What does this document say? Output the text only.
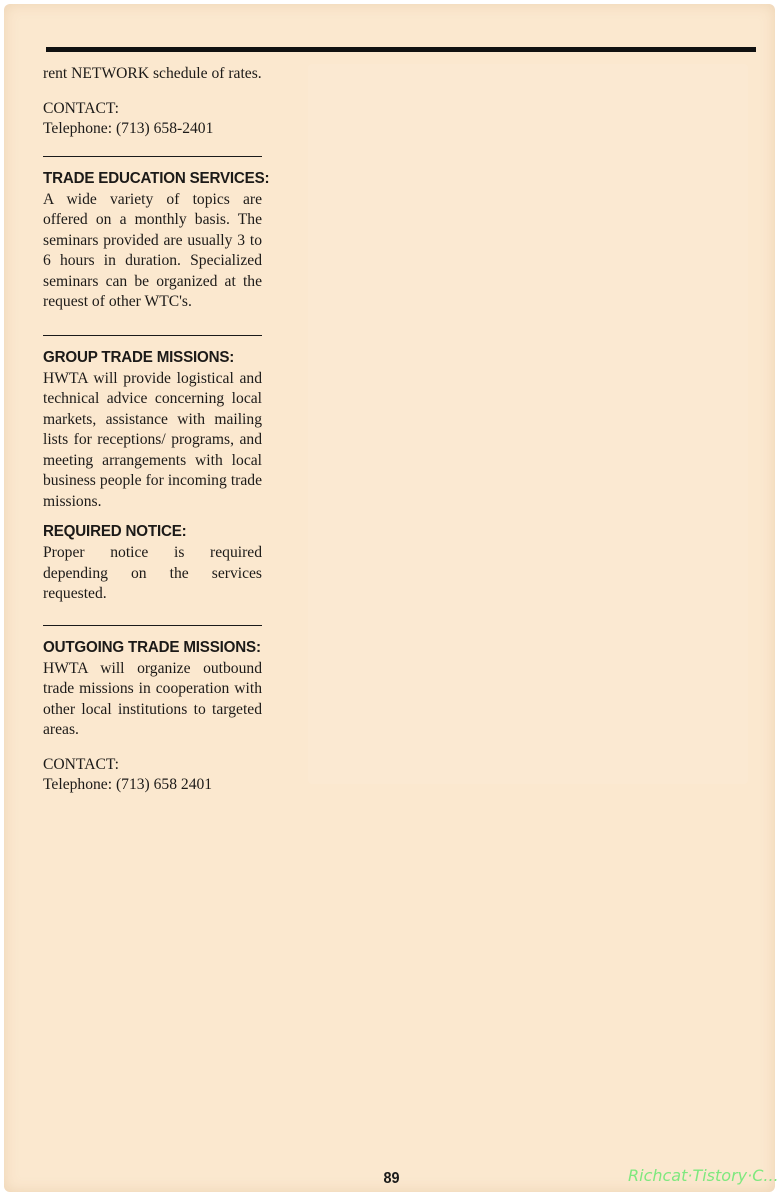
rent NETWORK schedule of rates.

CONTACT:

Telephone: (713) 658-2401

TRADE EDUCATION SERVICES:

A wide variety of topics are offered on a monthly basis. The seminars provided are usually 3 to 6 hours in duration. Specialized seminars can be organized at the request of other WTC's.

GROUP TRADE MISSIONS:

HWTA will provide logistical and technical advice concerning local markets, assistance with mailing lists for receptions/ programs, and meeting arrangements with local business people for incoming trade missions.

REQUIRED NOTICE:

Proper notice is required depending on the services requested.

OUTGOING TRADE MISSIONS:

HWTA will organize outbound trade missions in cooperation with other local institutions to targeted areas.

CONTACT:

Telephone: (713) 658 2401

89	Richcat·Tistory·C...
